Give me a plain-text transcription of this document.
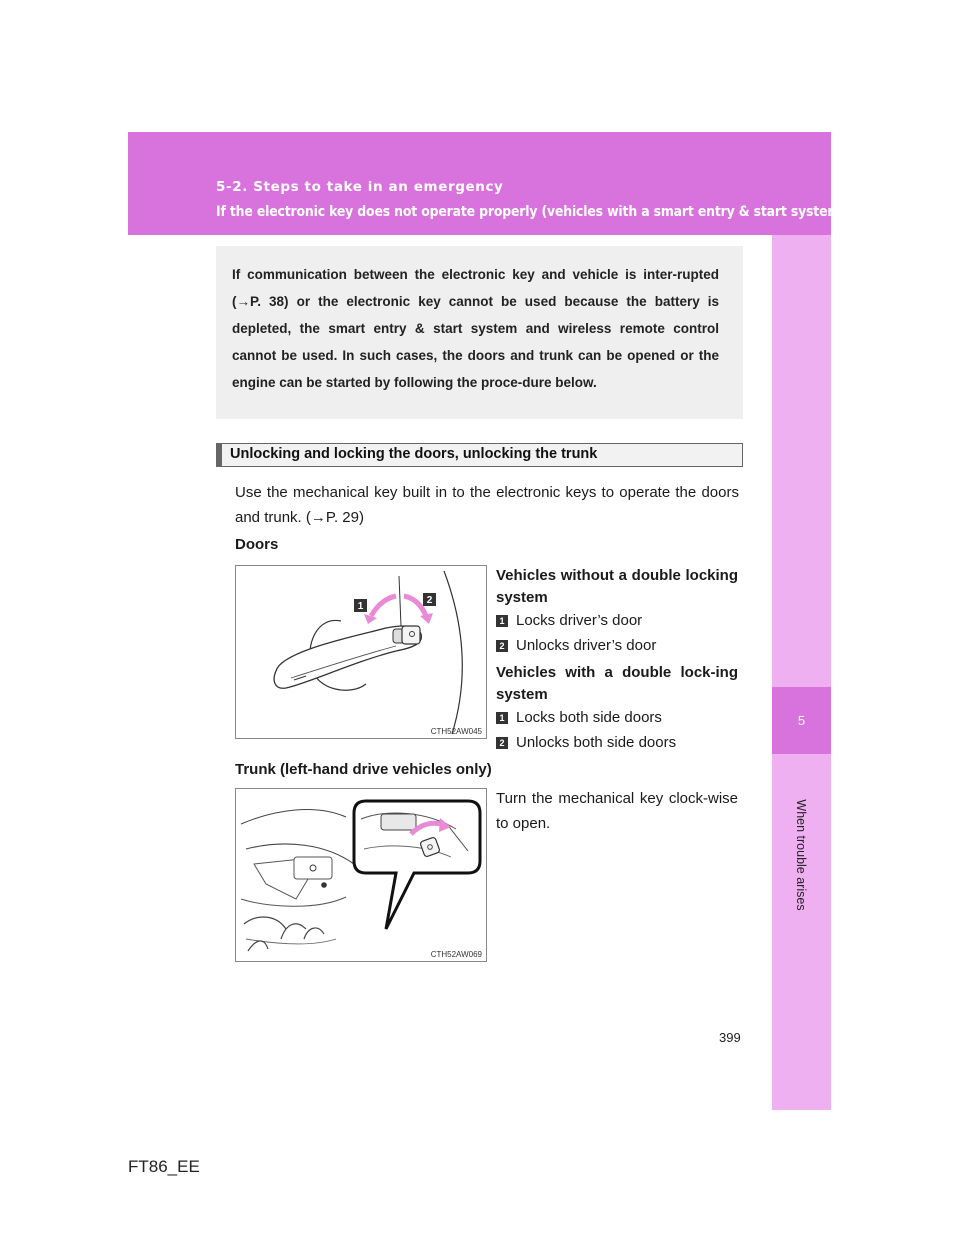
5-2. Steps to take in an emergency
If the electronic key does not operate properly (vehicles with a smart entry & start system)
5
When trouble arises
If communication between the electronic key and vehicle is inter-rupted (→P. 38) or the electronic key cannot be used because the battery is depleted, the smart entry & start system and wireless remote control cannot be used. In such cases, the doors and trunk can be opened or the engine can be started by following the proce-dure below.
Unlocking and locking the doors, unlocking the trunk
Use the mechanical key built in to the electronic keys to operate the doors and trunk. (→P. 29)
Doors
1
2
CTH52AW045
Vehicles without a double locking system
1 Locks driver’s door
2 Unlocks driver’s door
Vehicles with a double lock-ing system
1 Locks both side doors
2 Unlocks both side doors
Trunk (left-hand drive vehicles only)
CTH52AW069
Turn the mechanical key clock-wise to open.
399
FT86_EE
